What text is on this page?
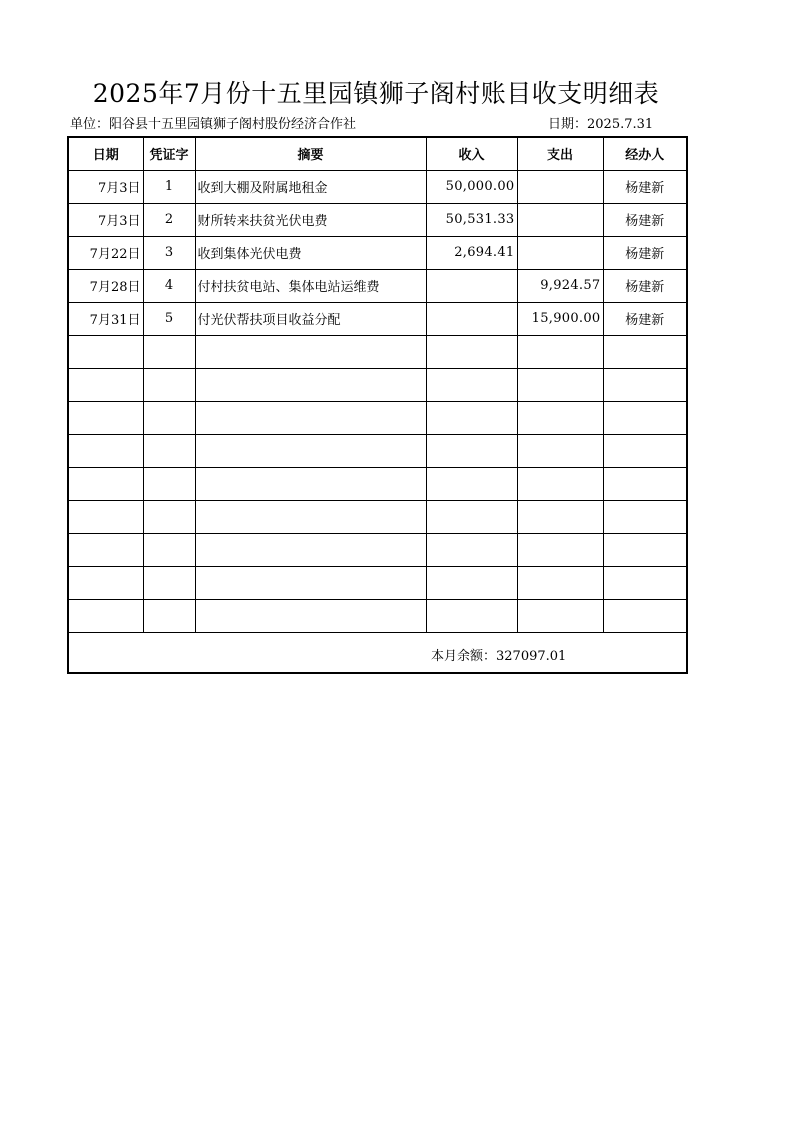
2025年7月份十五里园镇狮子阁村账目收支明细表
单位：阳谷县十五里园镇狮子阁村股份经济合作社	日期：2025.7.31
日期	凭证字	摘要	收入	支出	经办人
7月3日	1	收到大棚及附属地租金	50,000.00		杨建新
7月3日	2	财所转来扶贫光伏电费	50,531.33		杨建新
7月22日	3	收到集体光伏电费	2,694.41		杨建新
7月28日	4	付村扶贫电站、集体电站运维费		9,924.57	杨建新
7月31日	5	付光伏帮扶项目收益分配		15,900.00	杨建新

本月余额：327097.01					
